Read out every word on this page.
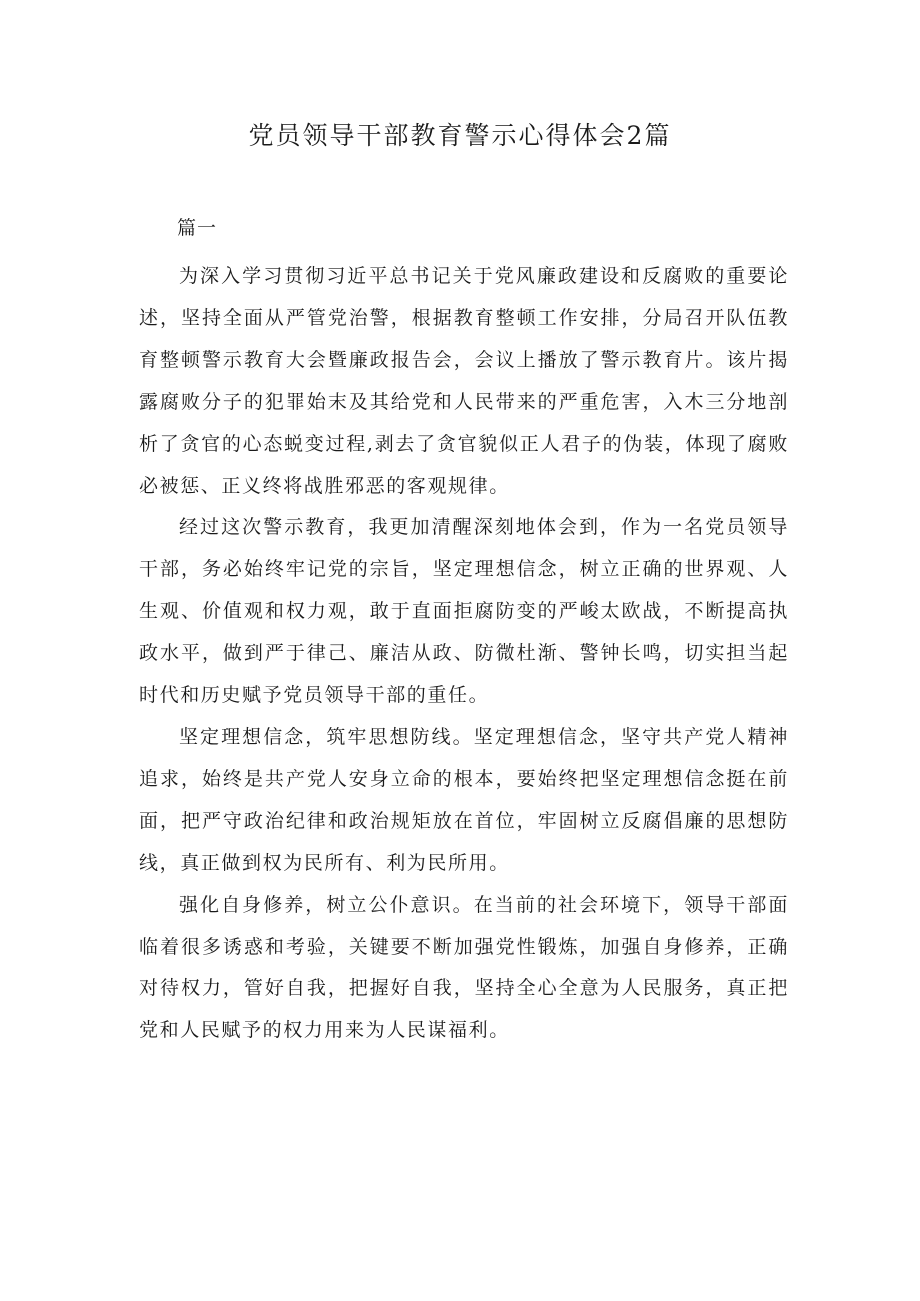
党员领导干部教育警示心得体会2篇

篇一

为深入学习贯彻习近平总书记关于党风廉政建设和反腐败的重要论述，坚持全面从严管党治警，根据教育整顿工作安排，分局召开队伍教育整顿警示教育大会暨廉政报告会，会议上播放了警示教育片。该片揭露腐败分子的犯罪始末及其给党和人民带来的严重危害，入木三分地剖析了贪官的心态蜕变过程,剥去了贪官貌似正人君子的伪装，体现了腐败必被惩、正义终将战胜邪恶的客观规律。

经过这次警示教育，我更加清醒深刻地体会到，作为一名党员领导干部，务必始终牢记党的宗旨，坚定理想信念，树立正确的世界观、人生观、价值观和权力观，敢于直面拒腐防变的严峻太欧战，不断提高执政水平，做到严于律己、廉洁从政、防微杜渐、警钟长鸣，切实担当起时代和历史赋予党员领导干部的重任。

坚定理想信念，筑牢思想防线。坚定理想信念，坚守共产党人精神追求，始终是共产党人安身立命的根本，要始终把坚定理想信念挺在前面，把严守政治纪律和政治规矩放在首位，牢固树立反腐倡廉的思想防线，真正做到权为民所有、利为民所用。

强化自身修养，树立公仆意识。在当前的社会环境下，领导干部面临着很多诱惑和考验，关键要不断加强党性锻炼，加强自身修养，正确对待权力，管好自我，把握好自我，坚持全心全意为人民服务，真正把党和人民赋予的权力用来为人民谋福利。
